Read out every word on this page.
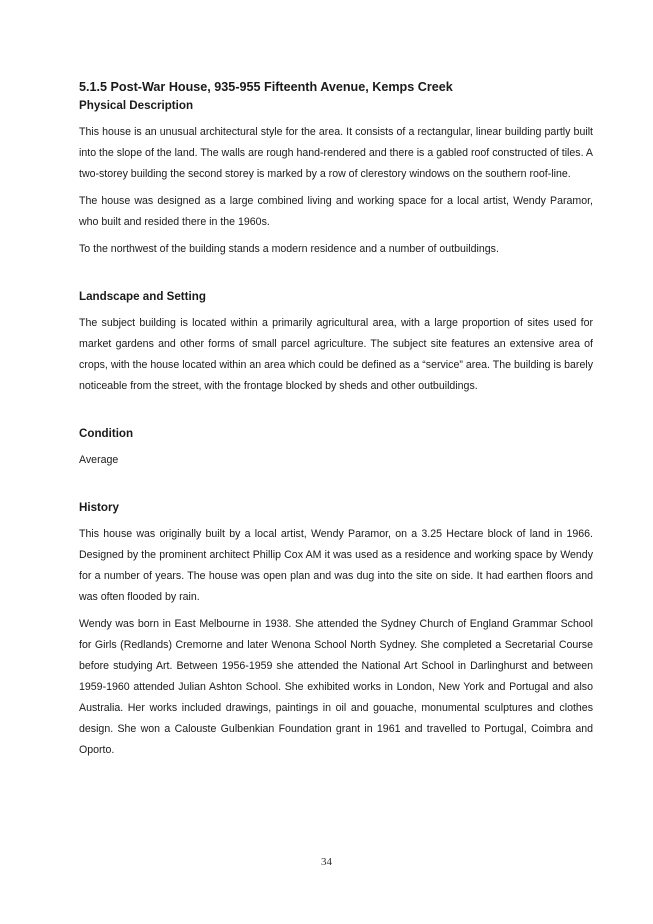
5.1.5 Post-War House, 935-955 Fifteenth Avenue, Kemps Creek

Physical Description

This house is an unusual architectural style for the area. It consists of a rectangular, linear building partly built into the slope of the land. The walls are rough hand-rendered and there is a gabled roof constructed of tiles. A two-storey building the second storey is marked by a row of clerestory windows on the southern roof-line.

The house was designed as a large combined living and working space for a local artist, Wendy Paramor, who built and resided there in the 1960s.

To the northwest of the building stands a modern residence and a number of outbuildings.

Landscape and Setting

The subject building is located within a primarily agricultural area, with a large proportion of sites used for market gardens and other forms of small parcel agriculture. The subject site features an extensive area of crops, with the house located within an area which could be defined as a “service” area. The building is barely noticeable from the street, with the frontage blocked by sheds and other outbuildings.

Condition

Average

History

This house was originally built by a local artist, Wendy Paramor, on a 3.25 Hectare block of land in 1966. Designed by the prominent architect Phillip Cox AM it was used as a residence and working space by Wendy for a number of years. The house was open plan and was dug into the site on side. It had earthen floors and was often flooded by rain.

Wendy was born in East Melbourne in 1938. She attended the Sydney Church of England Grammar School for Girls (Redlands) Cremorne and later Wenona School North Sydney. She completed a Secretarial Course before studying Art. Between 1956-1959 she attended the National Art School in Darlinghurst and between 1959-1960 attended Julian Ashton School. She exhibited works in London, New York and Portugal and also Australia. Her works included drawings, paintings in oil and gouache, monumental sculptures and clothes design. She won a Calouste Gulbenkian Foundation grant in 1961 and travelled to Portugal, Coimbra and Oporto.

34
